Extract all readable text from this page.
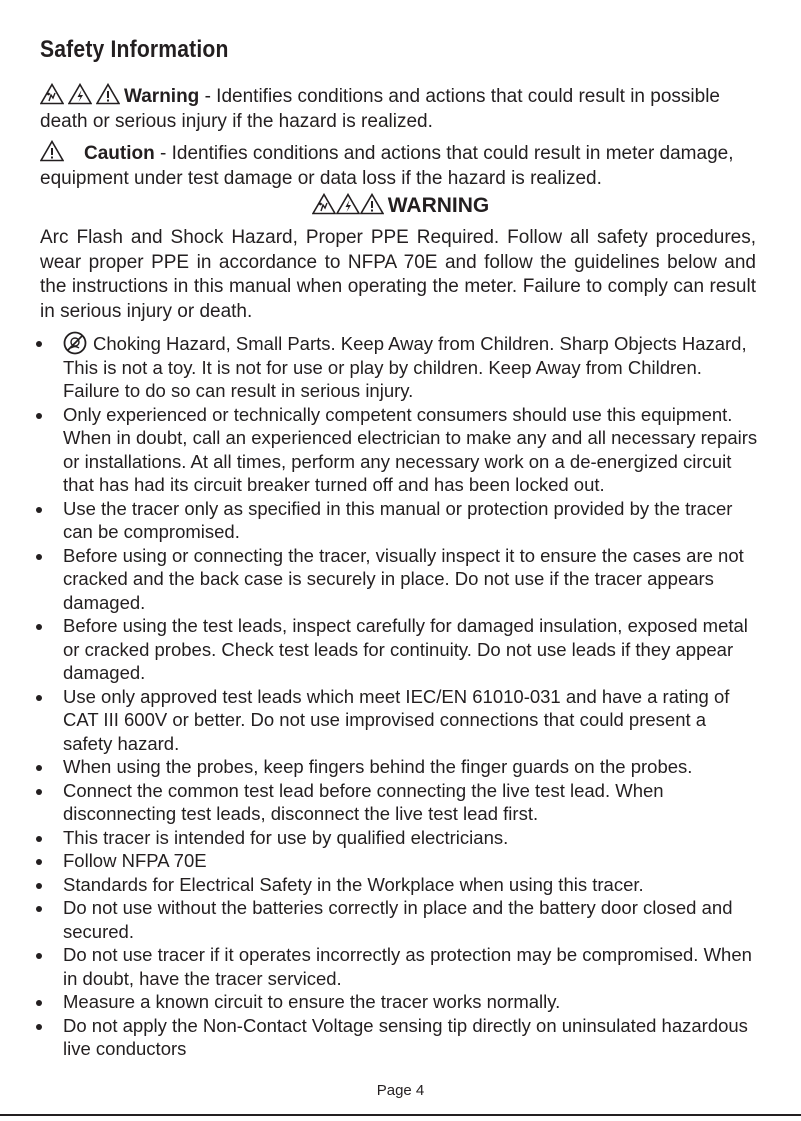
Safety Information

Warning - Identifies conditions and actions that could result in possible death or serious injury if the hazard is realized.

Caution - Identifies conditions and actions that could result in meter damage, equipment under test damage or data loss if the hazard is realized.

WARNING

Arc Flash and Shock Hazard, Proper PPE Required. Follow all safety procedures, wear proper PPE in accordance to NFPA 70E and follow the guidelines below and the instructions in this manual when operating the meter. Failure to comply can result in serious injury or death.

Choking Hazard, Small Parts. Keep Away from Children. Sharp Objects Hazard, This is not a toy. It is not for use or play by children. Keep Away from Children. Failure to do so can result in serious injury.
Only experienced or technically competent consumers should use this equipment. When in doubt, call an experienced electrician to make any and all necessary repairs or installations. At all times, perform any necessary work on a de-energized circuit that has had its circuit breaker turned off and has been locked out.
Use the tracer only as specified in this manual or protection provided by the tracer can be compromised.
Before using or connecting the tracer, visually inspect it to ensure the cases are not cracked and the back case is securely in place. Do not use if the tracer appears damaged.
Before using the test leads, inspect carefully for damaged insulation, exposed metal or cracked probes. Check test leads for continuity. Do not use leads if they appear damaged.
Use only approved test leads which meet IEC/EN 61010-031 and have a rating of CAT III 600V or better. Do not use improvised connections that could present a safety hazard.
When using the probes, keep fingers behind the finger guards on the probes.
Connect the common test lead before connecting the live test lead. When disconnecting test leads, disconnect the live test lead first.
This tracer is intended for use by qualified electricians.
Follow NFPA 70E
Standards for Electrical Safety in the Workplace when using this tracer.
Do not use without the batteries correctly in place and the battery door closed and secured.
Do not use tracer if it operates incorrectly as protection may be compromised. When in doubt, have the tracer serviced.
Measure a known circuit to ensure the tracer works normally.
Do not apply the Non-Contact Voltage sensing tip directly on uninsulated hazardous live conductors
Page 4
